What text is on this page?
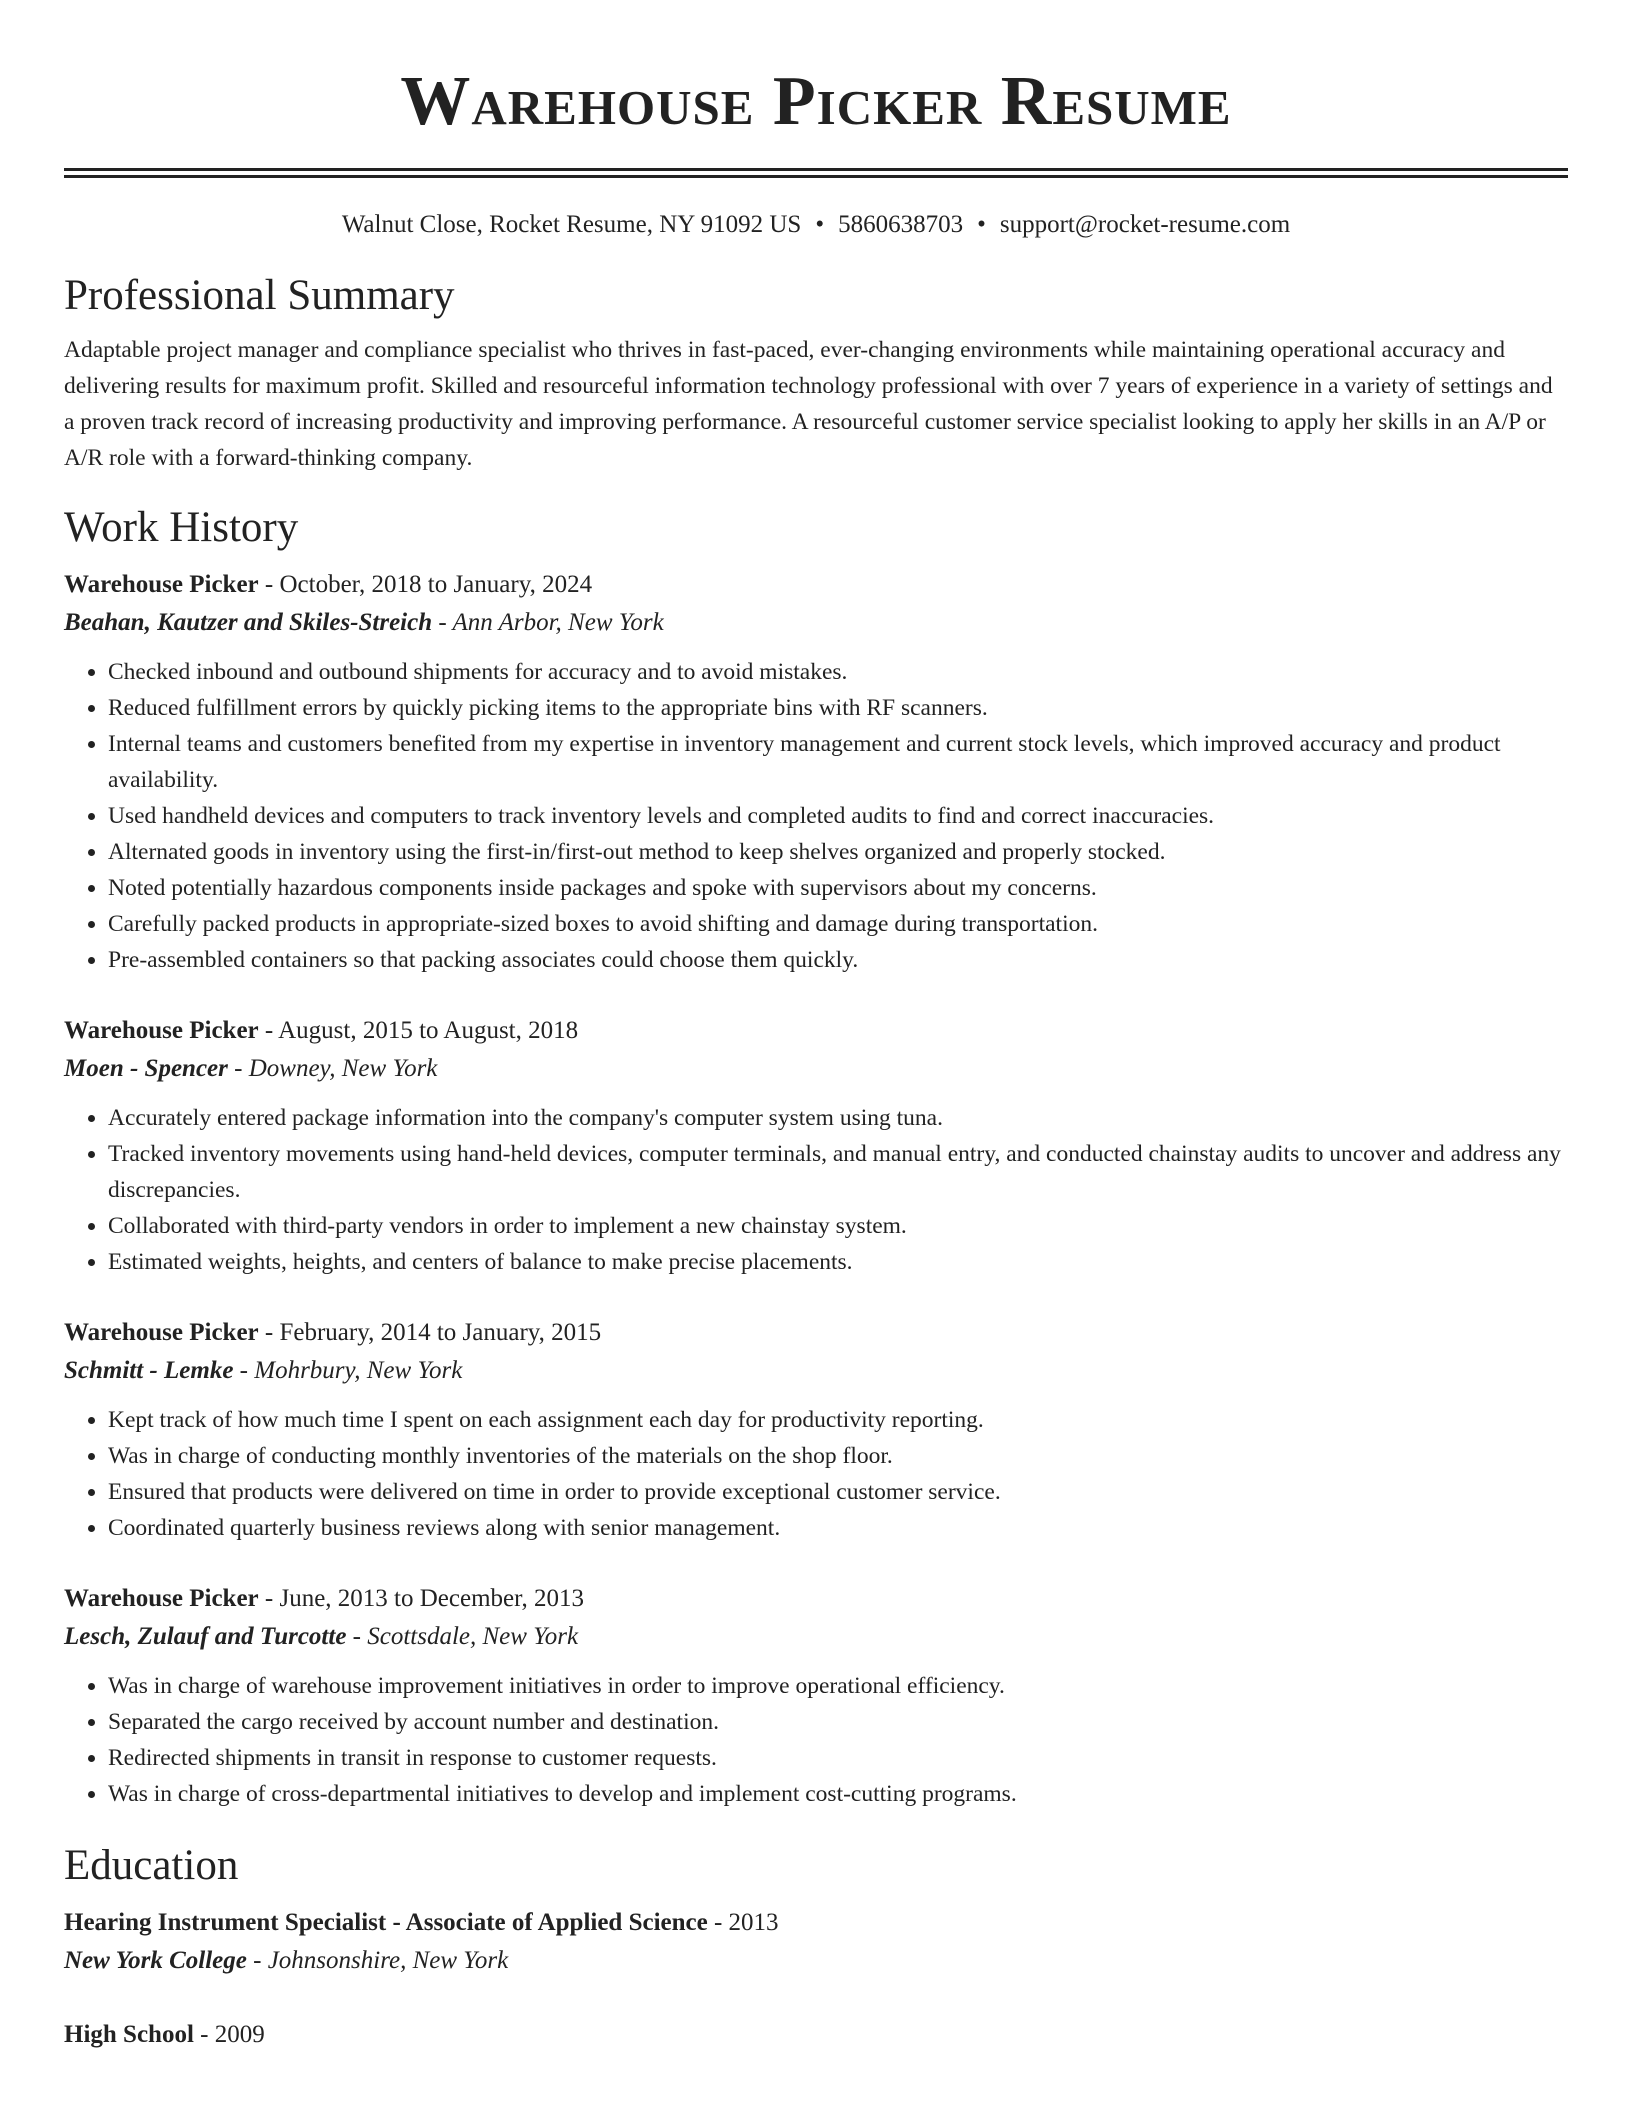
Warehouse Picker Resume
Walnut Close, Rocket Resume, NY 91092 US • 5860638703 • support@rocket-resume.com
Professional Summary

Adaptable project manager and compliance specialist who thrives in fast-paced, ever-changing environments while maintaining operational accuracy and delivering results for maximum profit. Skilled and resourceful information technology professional with over 7 years of experience in a variety of settings and a proven track record of increasing productivity and improving performance. A resourceful customer service specialist looking to apply her skills in an A/P or A/R role with a forward-thinking company.

Work History
Warehouse Picker - October, 2018 to January, 2024
Beahan, Kautzer and Skiles-Streich - Ann Arbor, New York
• Checked inbound and outbound shipments for accuracy and to avoid mistakes.
• Reduced fulfillment errors by quickly picking items to the appropriate bins with RF scanners.
• Internal teams and customers benefited from my expertise in inventory management and current stock levels, which improved accuracy and product availability.
• Used handheld devices and computers to track inventory levels and completed audits to find and correct inaccuracies.
• Alternated goods in inventory using the first-in/first-out method to keep shelves organized and properly stocked.
• Noted potentially hazardous components inside packages and spoke with supervisors about my concerns.
• Carefully packed products in appropriate-sized boxes to avoid shifting and damage during transportation.
• Pre-assembled containers so that packing associates could choose them quickly.
Warehouse Picker - August, 2015 to August, 2018
Moen - Spencer - Downey, New York
• Accurately entered package information into the company's computer system using tuna.
• Tracked inventory movements using hand-held devices, computer terminals, and manual entry, and conducted chainstay audits to uncover and address any discrepancies.
• Collaborated with third-party vendors in order to implement a new chainstay system.
• Estimated weights, heights, and centers of balance to make precise placements.
Warehouse Picker - February, 2014 to January, 2015
Schmitt - Lemke - Mohrbury, New York
• Kept track of how much time I spent on each assignment each day for productivity reporting.
• Was in charge of conducting monthly inventories of the materials on the shop floor.
• Ensured that products were delivered on time in order to provide exceptional customer service.
• Coordinated quarterly business reviews along with senior management.
Warehouse Picker - June, 2013 to December, 2013
Lesch, Zulauf and Turcotte - Scottsdale, New York
• Was in charge of warehouse improvement initiatives in order to improve operational efficiency.
• Separated the cargo received by account number and destination.
• Redirected shipments in transit in response to customer requests.
• Was in charge of cross-departmental initiatives to develop and implement cost-cutting programs.
Education
Hearing Instrument Specialist - Associate of Applied Science - 2013
New York College - Johnsonshire, New York
High School - 2009
